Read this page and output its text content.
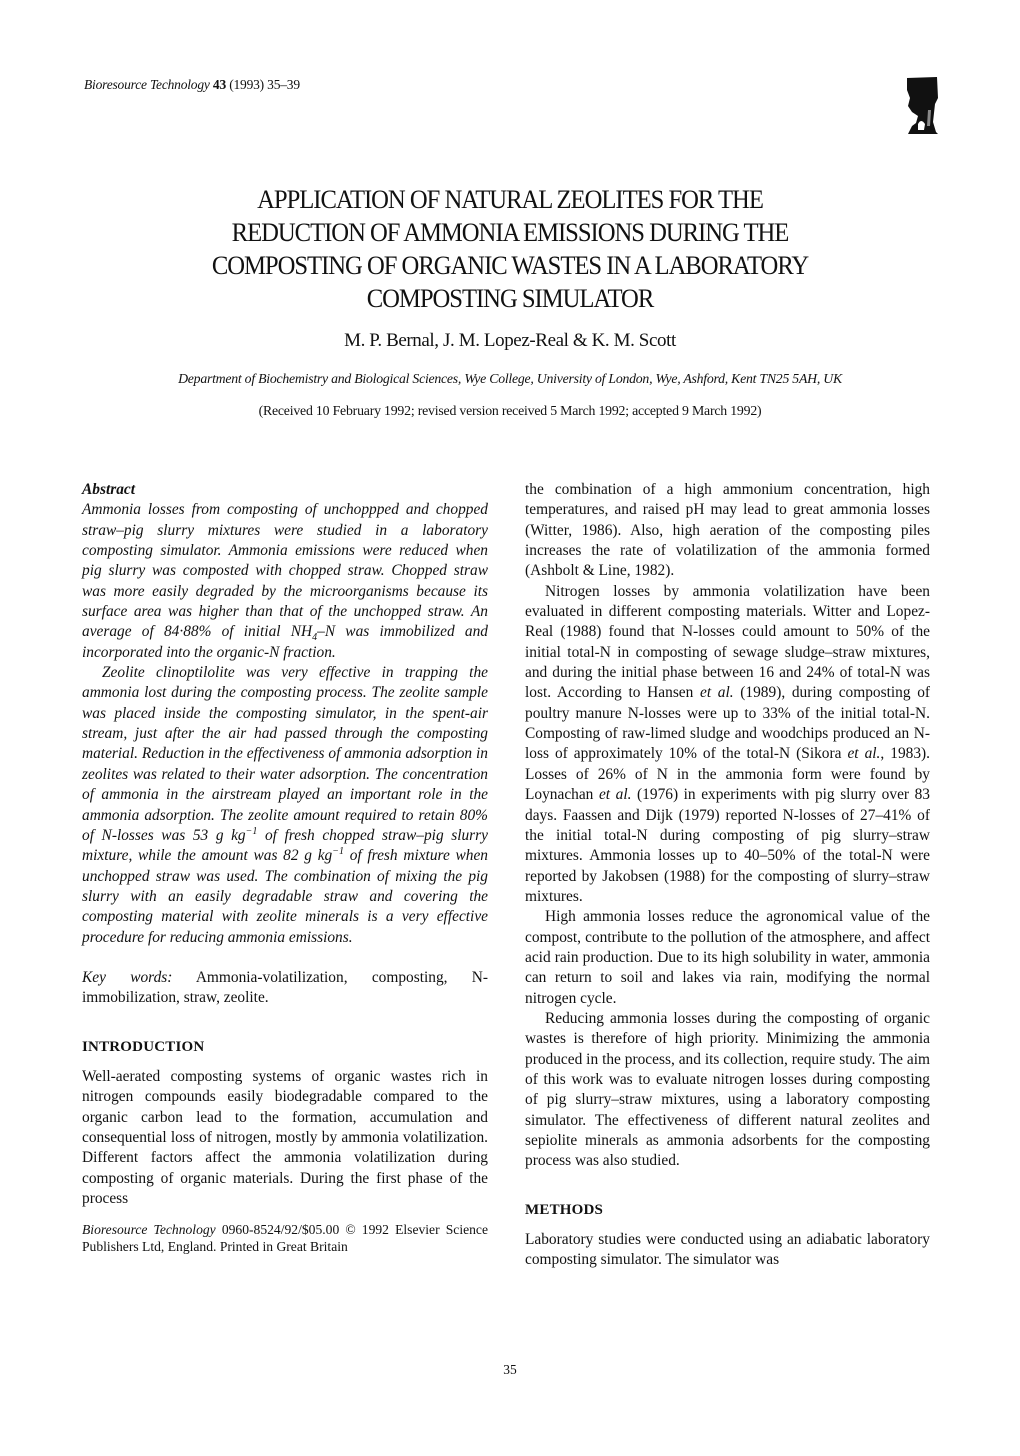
Bioresource Technology 43 (1993) 35–39
APPLICATION OF NATURAL ZEOLITES FOR THE
REDUCTION OF AMMONIA EMISSIONS DURING THE
COMPOSTING OF ORGANIC WASTES IN A LABORATORY
COMPOSTING SIMULATOR
M. P. Bernal, J. M. Lopez-Real & K. M. Scott
Department of Biochemistry and Biological Sciences, Wye College, University of London, Wye, Ashford, Kent TN25 5AH, UK
(Received 10 February 1992; revised version received 5 March 1992; accepted 9 March 1992)

Abstract

Ammonia losses from composting of unchoppped and chopped straw–pig slurry mixtures were studied in a laboratory composting simulator. Ammonia emissions were reduced when pig slurry was composted with chopped straw. Chopped straw was more easily degraded by the microorganisms because its surface area was higher than that of the unchopped straw. An average of 84·88% of initial $NH_4-N$ was immobilized and incorporated into the organic-N fraction.

Zeolite clinoptilolite was very effective in trapping the ammonia lost during the composting process. The zeolite sample was placed inside the composting simulator, in the spent-air stream, just after the air had passed through the composting material. Reduction in the effectiveness of ammonia adsorption in zeolites was related to their water adsorption. The concentration of ammonia in the airstream played an important role in the ammonia adsorption. The zeolite amount required to retain 80% of N-losses was 53 g $kg^{-1}$ of fresh chopped straw–pig slurry mixture, while the amount was 82 g $kg^{-1}$ of fresh mixture when unchopped straw was used. The combination of mixing the pig slurry with an easily degradable straw and covering the composting material with zeolite minerals is a very effective procedure for reducing ammonia emissions.

Key words: Ammonia-volatilization, composting, N-immobilization, straw, zeolite.

INTRODUCTION

Well-aerated composting systems of organic wastes rich in nitrogen compounds easily biodegradable compared to the organic carbon lead to the formation, accumulation and consequential loss of nitrogen, mostly by ammonia volatilization. Different factors affect the ammonia volatilization during composting of organic materials. During the first phase of the process

Bioresource Technology 0960-8524/92/$05.00 © 1992 Elsevier Science Publishers Ltd, England. Printed in Great Britain

the combination of a high ammonium concentration, high temperatures, and raised pH may lead to great ammonia losses (Witter, 1986). Also, high aeration of the composting piles increases the rate of volatilization of the ammonia formed (Ashbolt & Line, 1982).

Nitrogen losses by ammonia volatilization have been evaluated in different composting materials. Witter and Lopez-Real (1988) found that N-losses could amount to 50% of the initial total-N in composting of sewage sludge–straw mixtures, and during the initial phase between 16 and 24% of total-N was lost. According to Hansen et al. (1989), during composting of poultry manure N-losses were up to 33% of the initial total-N. Composting of raw-limed sludge and woodchips produced an N-loss of approximately 10% of the total-N (Sikora et al., 1983). Losses of 26% of N in the ammonia form were found by Loynachan et al. (1976) in experiments with pig slurry over 83 days. Faassen and Dijk (1979) reported N-losses of 27–41% of the initial total-N during composting of pig slurry–straw mixtures. Ammonia losses up to 40–50% of the total-N were reported by Jakobsen (1988) for the composting of slurry–straw mixtures.

High ammonia losses reduce the agronomical value of the compost, contribute to the pollution of the atmosphere, and affect acid rain production. Due to its high solubility in water, ammonia can return to soil and lakes via rain, modifying the normal nitrogen cycle.

Reducing ammonia losses during the composting of organic wastes is therefore of high priority. Minimizing the ammonia produced in the process, and its collection, require study. The aim of this work was to evaluate nitrogen losses during composting of pig slurry–straw mixtures, using a laboratory composting simulator. The effectiveness of different natural zeolites and sepiolite minerals as ammonia adsorbents for the composting process was also studied.

METHODS

Laboratory studies were conducted using an adiabatic laboratory composting simulator. The simulator was

35
